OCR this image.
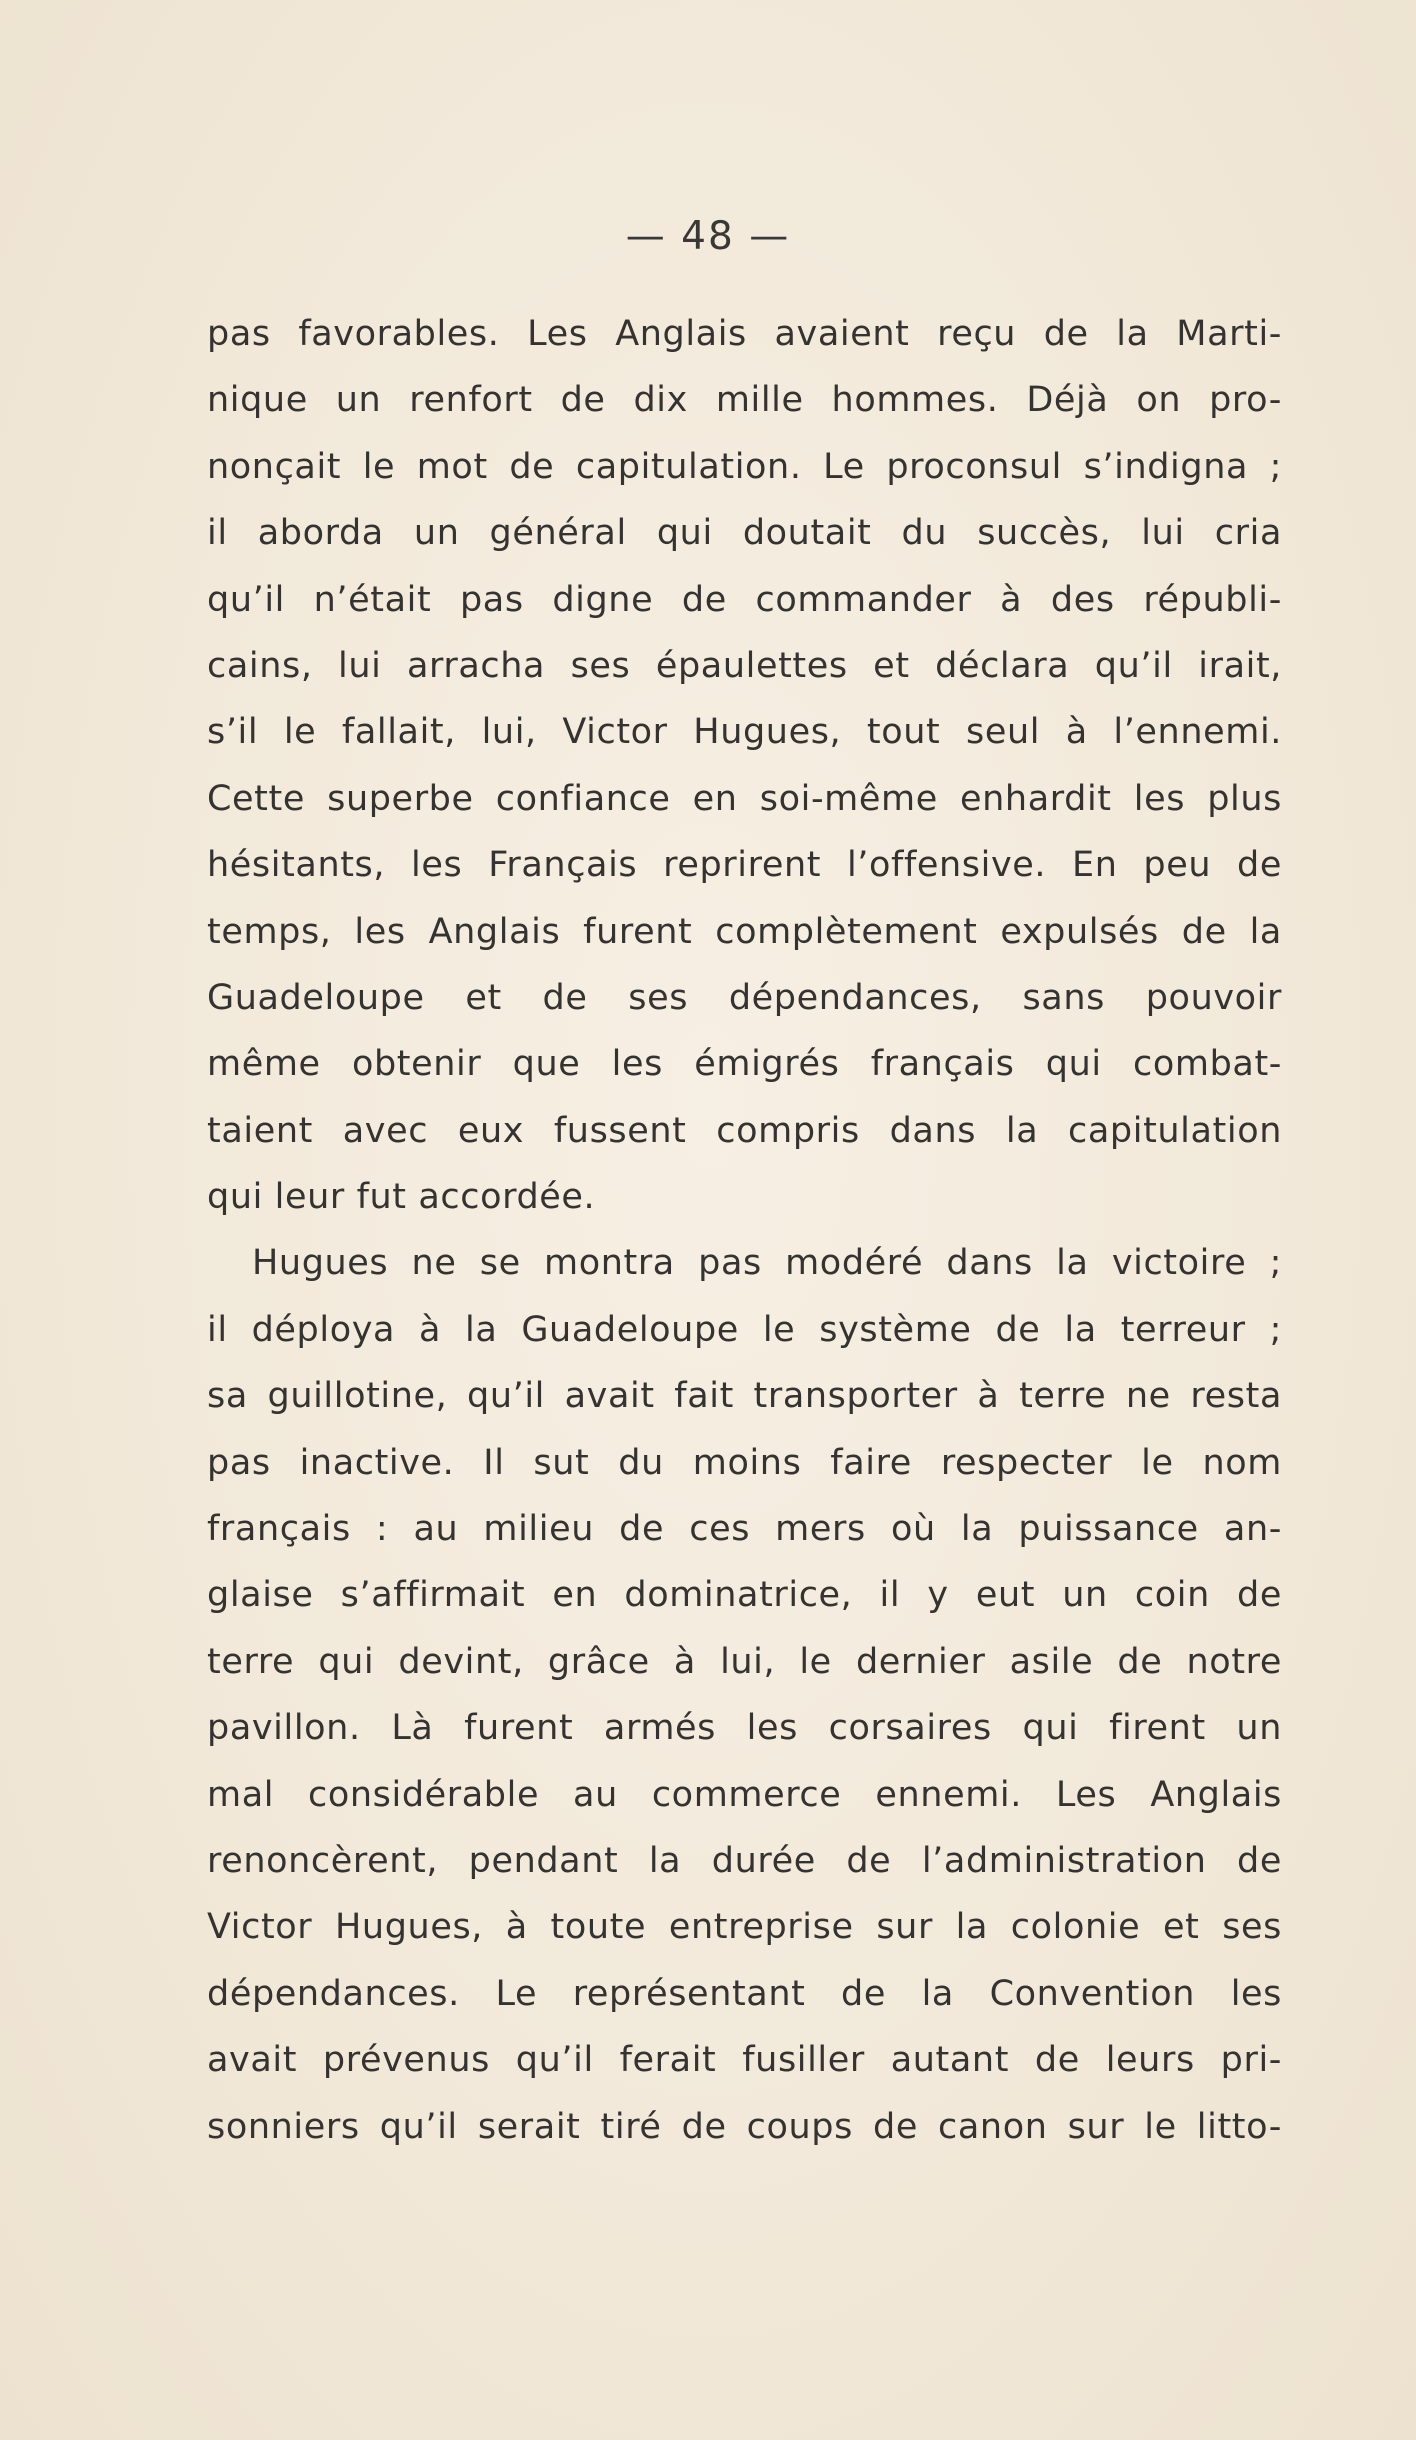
— 48 —
pas favorables. Les Anglais avaient reçu de la Marti-
nique un renfort de dix mille hommes. Déjà on pro-
nonçait le mot de capitulation. Le proconsul s’indigna ;
il aborda un général qui doutait du succès, lui cria
qu’il n’était pas digne de commander à des républi-
cains, lui arracha ses épaulettes et déclara qu’il irait,
s’il le fallait, lui, Victor Hugues, tout seul à l’ennemi.
Cette superbe confiance en soi-même enhardit les plus
hésitants, les Français reprirent l’offensive. En peu de
temps, les Anglais furent complètement expulsés de la
Guadeloupe et de ses dépendances, sans pouvoir
même obtenir que les émigrés français qui combat-
taient avec eux fussent compris dans la capitulation
qui leur fut accordée.
Hugues ne se montra pas modéré dans la victoire ;
il déploya à la Guadeloupe le système de la terreur ;
sa guillotine, qu’il avait fait transporter à terre ne resta
pas inactive. Il sut du moins faire respecter le nom
français : au milieu de ces mers où la puissance an-
glaise s’affirmait en dominatrice, il y eut un coin de
terre qui devint, grâce à lui, le dernier asile de notre
pavillon. Là furent armés les corsaires qui firent un
mal considérable au commerce ennemi. Les Anglais
renoncèrent, pendant la durée de l’administration de
Victor Hugues, à toute entreprise sur la colonie et ses
dépendances. Le représentant de la Convention les
avait prévenus qu’il ferait fusiller autant de leurs pri-
sonniers qu’il serait tiré de coups de canon sur le litto-
